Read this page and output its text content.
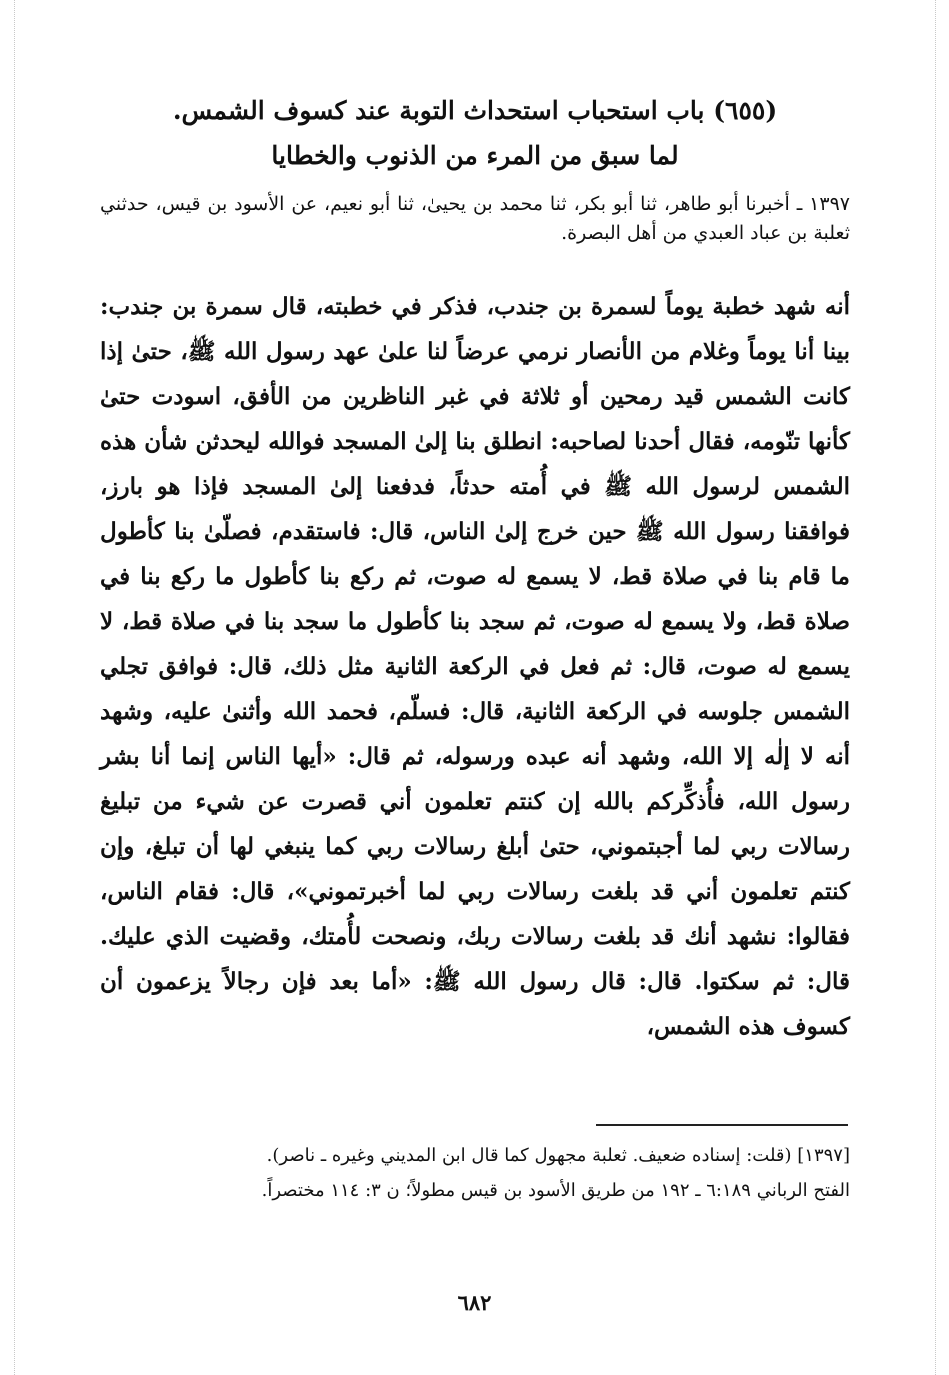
(٦٥٥) باب استحباب استحداث التوبة عند كسوف الشمس.
لما سبق من المرء من الذنوب والخطايا

١٣٩٧ ـ أخبرنا أبو طاهر، ثنا أبو بكر، ثنا محمد بن يحيىٰ، ثنا أبو نعيم، عن الأسود بن قيس، حدثني ثعلبة بن عباد العبدي من أهل البصرة.

أنه شهد خطبة يوماً لسمرة بن جندب، فذكر في خطبته، قال سمرة بن جندب: بينا أنا يوماً وغلام من الأنصار نرمي عرضاً لنا علىٰ عهد رسول الله ﷺ، حتىٰ إذا كانت الشمس قيد رمحين أو ثلاثة في غبر الناظرين من الأفق، اسودت حتىٰ كأنها تنّومه، فقال أحدنا لصاحبه: انطلق بنا إلىٰ المسجد فوالله ليحدثن شأن هذه الشمس لرسول الله ﷺ في أُمته حدثاً، فدفعنا إلىٰ المسجد فإذا هو بارز، فوافقنا رسول الله ﷺ حين خرج إلىٰ الناس، قال: فاستقدم، فصلّىٰ بنا كأطول ما قام بنا في صلاة قط، لا يسمع له صوت، ثم ركع بنا كأطول ما ركع بنا في صلاة قط، ولا يسمع له صوت، ثم سجد بنا كأطول ما سجد بنا في صلاة قط، لا يسمع له صوت، قال: ثم فعل في الركعة الثانية مثل ذلك، قال: فوافق تجلي الشمس جلوسه في الركعة الثانية، قال: فسلّم، فحمد الله وأثنىٰ عليه، وشهد أنه لا إلٰه إلا الله، وشهد أنه عبده ورسوله، ثم قال: «أيها الناس إنما أنا بشر رسول الله، فأُذكِّركم بالله إن كنتم تعلمون أني قصرت عن شيء من تبليغ رسالات ربي لما أجبتموني، حتىٰ أبلغ رسالات ربي كما ينبغي لها أن تبلغ، وإن كنتم تعلمون أني قد بلغت رسالات ربي لما أخبرتموني»، قال: فقام الناس، فقالوا: نشهد أنك قد بلغت رسالات ربك، ونصحت لأُمتك، وقضيت الذي عليك. قال: ثم سكتوا. قال: قال رسول الله ﷺ: «أما بعد فإن رجالاً يزعمون أن كسوف هذه الشمس،

[١٣٩٧] (قلت: إسناده ضعيف. ثعلبة مجهول كما قال ابن المديني وغيره ـ ناصر).

الفتح الرباني ٦:١٨٩ ـ ١٩٢ من طريق الأسود بن قيس مطولاً؛ ن ٣: ١١٤ مختصراً.

٦٨٢
